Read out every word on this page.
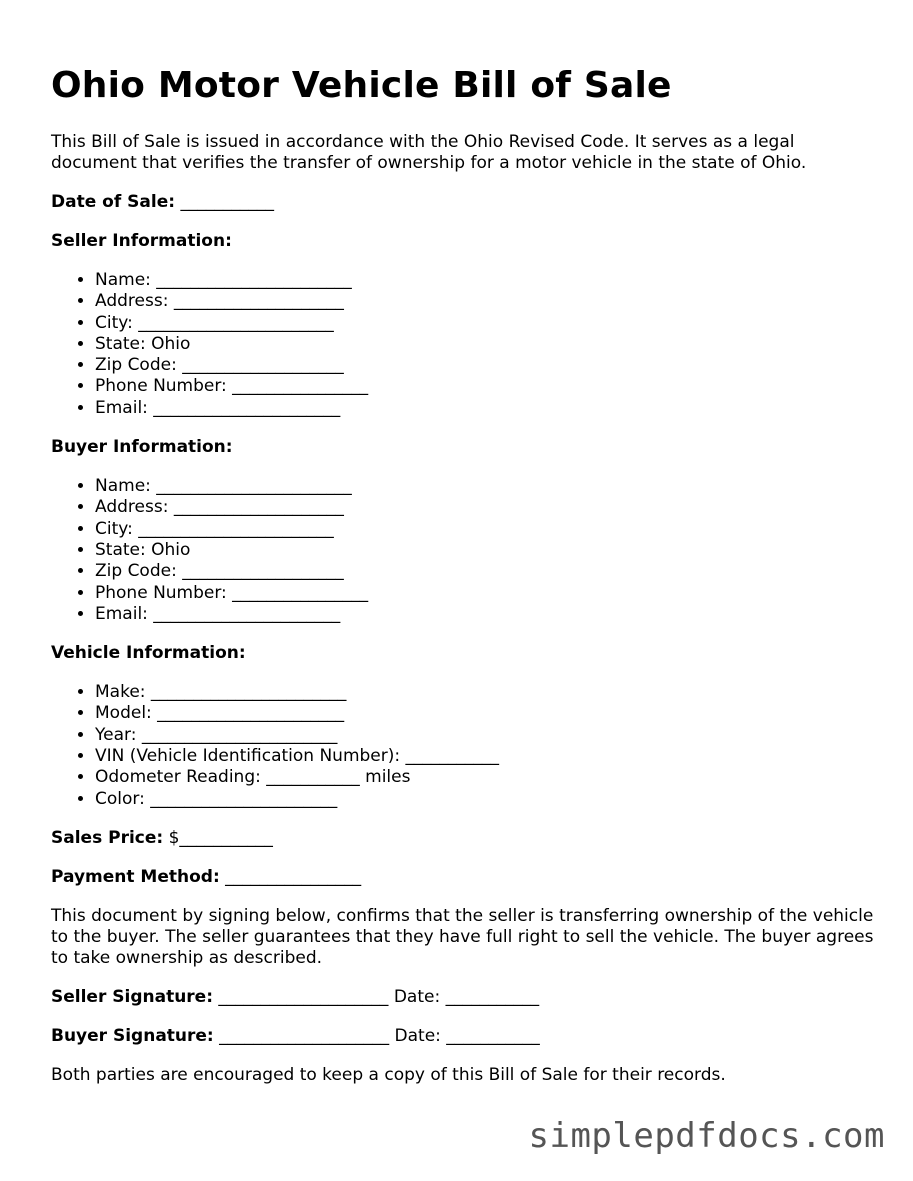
Ohio Motor Vehicle Bill of Sale

This Bill of Sale is issued in accordance with the Ohio Revised Code. It serves as a legal document that verifies the transfer of ownership for a motor vehicle in the state of Ohio.

Date of Sale: ___________
Seller Information:
• Name: _______________________
• Address: ____________________
• City: _______________________
• State: Ohio
• Zip Code: ___________________
• Phone Number: ________________
• Email: ______________________
Buyer Information:
• Name: _______________________
• Address: ____________________
• City: _______________________
• State: Ohio
• Zip Code: ___________________
• Phone Number: ________________
• Email: ______________________
Vehicle Information:
• Make: _______________________
• Model: ______________________
• Year: _______________________
• VIN (Vehicle Identification Number): ___________
• Odometer Reading: ___________ miles
• Color: ______________________
Sales Price: $___________
Payment Method: ________________

This document by signing below, confirms that the seller is transferring ownership of the vehicle to the buyer. The seller guarantees that they have full right to sell the vehicle. The buyer agrees to take ownership as described.

Seller Signature: ____________________ Date: ___________
Buyer Signature: ____________________ Date: ___________

Both parties are encouraged to keep a copy of this Bill of Sale for their records.

simplepdfdocs.com
